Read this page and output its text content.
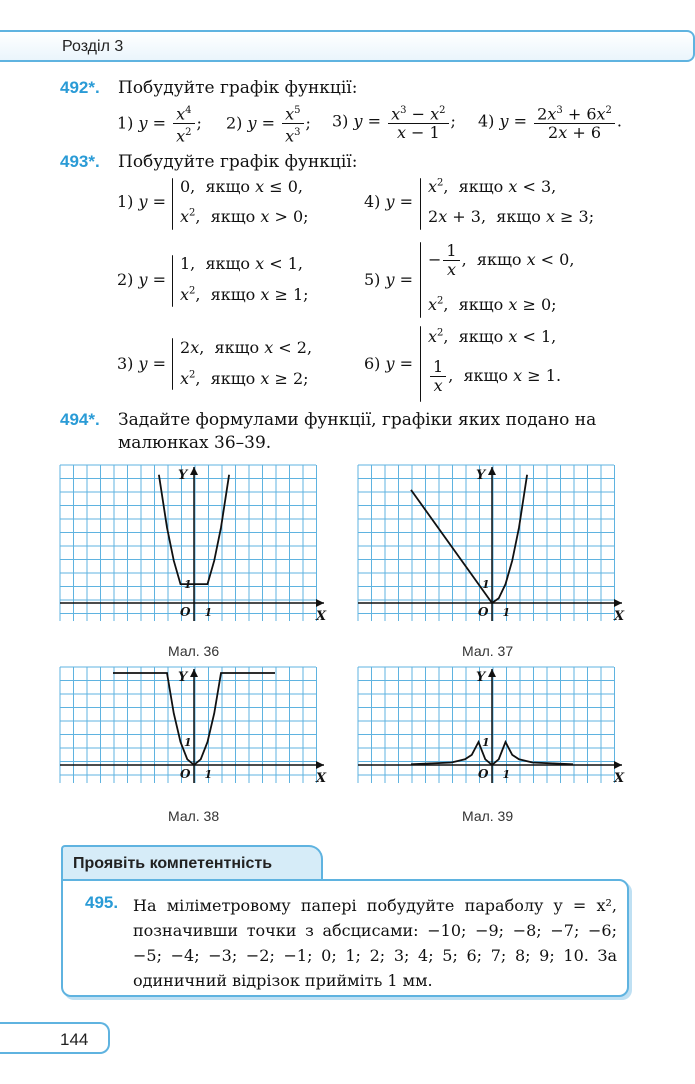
Розділ 3
492*. Побудуйте графік функції:
1) $y = \frac{x^4}{x^2}$ ; 2) $y = \frac{x^5}{x^3}$ ; 3) $y = \frac{x^3 - x^2}{x - 1}$ ; 4) $y = \frac{2x^3 + 6x^2}{2x + 6}$ .
493*. Побудуйте графік функції:
1) y =
0,  якщо x ≤ 0,
$x^2$,  якщо x > 0;
4) y =
$x^2$,  якщо x < 3,
2x + 3,  якщо x ≥ 3;
2) y =
1,  якщо x < 1,
$x^2$,  якщо x ≥ 1;
5) y =
− $\frac{1}{x}$ ,  якщо x < 0,
$x^2$,  якщо x ≥ 0;
3) y =
2x,  якщо x < 2,
$x^2$,  якщо x ≥ 2;
6) y =
$x^2$,  якщо x < 1,
$\frac{1}{x}$ ,  якщо x ≥ 1.
494*. Задайте формулами функції, графіки яких подано на
малюнках 36–39.
X
Y
O 1
1
X
Y
O 1
1
X
Y
O 1
1
X
Y
O 1
1
Мал. 36	Мал. 37
Мал. 38	Мал. 39
Проявіть компетентність
495. На міліметровому папері побудуйте параболу y = x², позначивши точки з абсцисами: −10; −9; −8; −7; −6; −5; −4; −3; −2; −1; 0; 1; 2; 3; 4; 5; 6; 7; 8; 9; 10. За одиничний відрізок прийміть 1 мм.
144
